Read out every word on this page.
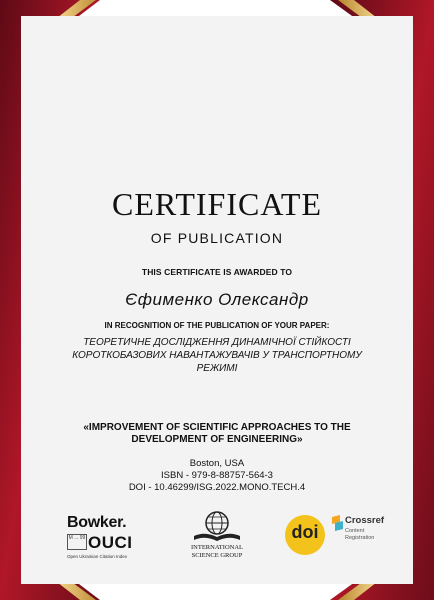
CERTIFICATE
OF PUBLICATION
THIS CERTIFICATE IS AWARDED TO
Єфименко Олександр
IN RECOGNITION OF THE PUBLICATION OF YOUR PAPER:
ТЕОРЕТИЧНЕ ДОСЛІДЖЕННЯ ДИНАМІЧНОЇ СТІЙКОСТІ КОРОТКОБАЗОВИХ НАВАНТАЖУВАЧІВ У ТРАНСПОРТНОМУ РЕЖИМІ
«IMPROVEMENT OF SCIENTIFIC APPROACHES TO THE DEVELOPMENT OF ENGINEERING»
Boston, USA
ISBN - 979-8-88757-564-3
DOI - 10.46299/ISG.2022.MONO.TECH.4
Bowker.
M ... 99 OUCI
Open Ukrainian Citation Index
INTERNATIONAL
SCIENCE GROUP
doi
Crossref
Content
Registration
